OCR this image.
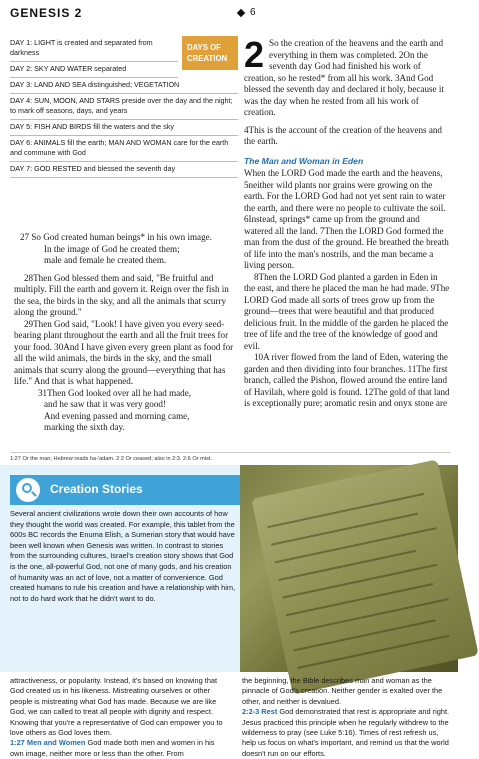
GENESIS 2	6
DAYS OF
CREATION
DAY 1: LIGHT is created and separated from darkness
DAY 2: SKY AND WATER separated
DAY 3: LAND AND SEA distinguished; VEGETATION
DAY 4: SUN, MOON, AND STARS preside over the day and the night; to mark off seasons, days, and years
DAY 5: FISH AND BIRDS fill the waters and the sky
DAY 6: ANIMALS fill the earth; MAN AND WOMAN care for the earth and commune with God
DAY 7: GOD RESTED and blessed the seventh day

27 So God created human beings* in his own image.

In the image of God he created them;

male and female he created them.

28Then God blessed them and said, "Be fruitful and multiply. Fill the earth and govern it. Reign over the fish in the sea, the birds in the sky, and all the animals that scurry along the ground."

29Then God said, "Look! I have given you every seed-bearing plant throughout the earth and all the fruit trees for your food. 30And I have given every green plant as food for all the wild animals, the birds in the sky, and the small animals that scurry along the ground—everything that has life." And that is what happened.

31Then God looked over all he had made,

and he saw that it was very good!

And evening passed and morning came,

marking the sixth day.

2 So the creation of the heavens and the earth and everything in them was completed. 2On the seventh day God had finished his work of creation, so he rested* from all his work. 3And God blessed the seventh day and declared it holy, because it was the day when he rested from all his work of creation.

4This is the account of the creation of the heavens and the earth.

The Man and Woman in Eden

When the LORD God made the earth and the heavens, 5neither wild plants nor grains were growing on the earth. For the LORD God had not yet sent rain to water the earth, and there were no people to cultivate the soil. 6Instead, springs* came up from the ground and watered all the land. 7Then the LORD God formed the man from the dust of the ground. He breathed the breath of life into the man's nostrils, and the man became a living person.

8Then the LORD God planted a garden in Eden in the east, and there he placed the man he had made. 9The LORD God made all sorts of trees grow up from the ground—trees that were beautiful and that produced delicious fruit. In the middle of the garden he placed the tree of life and the tree of the knowledge of good and evil.

10A river flowed from the land of Eden, watering the garden and then dividing into four branches. 11The first branch, called the Pishon, flowed around the entire land of Havilah, where gold is found. 12The gold of that land is exceptionally pure; aromatic resin and onyx stone are

1:27 Or the man; Hebrew reads ha-'adam. 2:2 Or ceased; also in 2:3. 2:6 Or mist.
Creation Stories

Several ancient civilizations wrote down their own accounts of how they thought the world was created. For example, this tablet from the 600s BC records the Enuma Elish, a Sumerian story that would have been well known when Genesis was written. In contrast to stories from the surrounding cultures, Israel's creation story shows that God is the one, all-powerful God, not one of many gods, and his creation of humanity was an act of love, not a matter of convenience. God created humans to rule his creation and have a relationship with him, not to do hard work that he didn't want to do.

attractiveness, or popularity. Instead, it's based on knowing that God created us in his likeness. Mistreating ourselves or other people is mistreating what God has made. Because we are like God, we can called to treat all people with dignity and respect. Knowing that you're a representative of God can empower you to love others as God loves them.
1:27 Men and Women God made both men and women in his own image, neither more or less than the other. From
the beginning, the Bible describes man and woman as the pinnacle of God's creation. Neither gender is exalted over the other, and neither is devalued.
2:2-3 Rest God demonstrated that rest is appropriate and right. Jesus practiced this principle when he regularly withdrew to the wilderness to pray (see Luke 5:16). Times of rest refresh us, help us focus on what's important, and remind us that the world doesn't run on our efforts.
